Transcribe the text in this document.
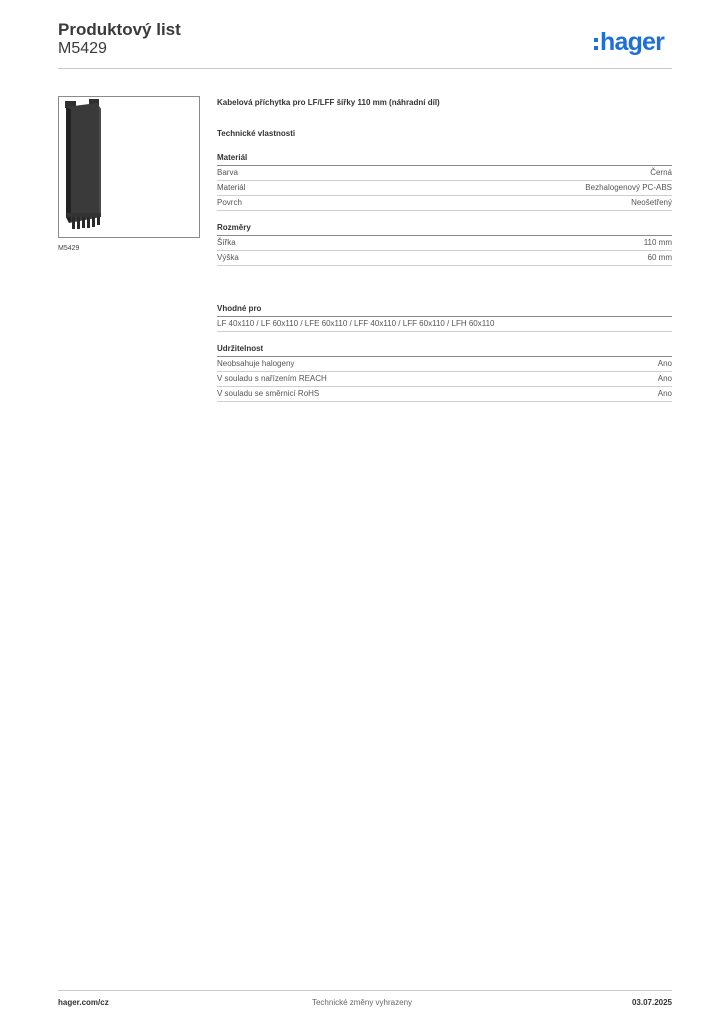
Produktový list
M5429	hager
M5429
Kabelová příchytka pro LF/LFF šířky 110 mm (náhradní díl)
Technické vlastnosti
Materiál
Barva	Černá
Materiál	Bezhalogenový PC-ABS
Povrch	Neošetřený
Rozměry
Šířka	110 mm
Výška	60 mm
Vhodné pro
LF 40x110 / LF 60x110 / LFE 60x110 / LFF 40x110 / LFF 60x110 / LFH 60x110
Udržitelnost
Neobsahuje halogeny	Ano
V souladu s nařízením REACH	Ano
V souladu se směrnicí RoHS	Ano
hager.com/cz	Technické změny vyhrazeny	03.07.2025
